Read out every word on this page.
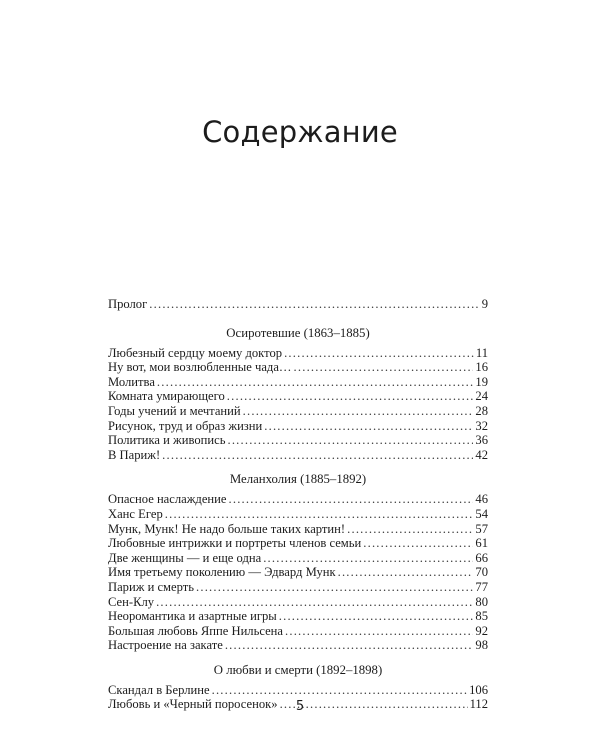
Содержание
Пролог .....	9
Осиротевшие (1863–1885)
Любезный сердцу моему доктор .....	11
Ну вот, мои возлюбленные чада… .....	16
Молитва .....	19
Комната умирающего .....	24
Годы учений и мечтаний .....	28
Рисунок, труд и образ жизни .....	32
Политика и живопись .....	36
В Париж! .....	42
Меланхолия (1885–1892)
Опасное наслаждение .....	46
Ханс Егер .....	54
Мунк, Мунк! Не надо больше таких картин! .....	57
Любовные интрижки и портреты членов семьи .....	61
Две женщины — и еще одна .....	66
Имя третьему поколению — Эдвард Мунк .....	70
Париж и смерть .....	77
Сен-Клу .....	80
Неоромантика и азартные игры .....	85
Большая любовь Яппе Нильсена .....	92
Настроение на закате .....	98
О любви и смерти (1892–1898)
Скандал в Берлине .....	106
Любовь и «Черный поросенок» .....	112
5
